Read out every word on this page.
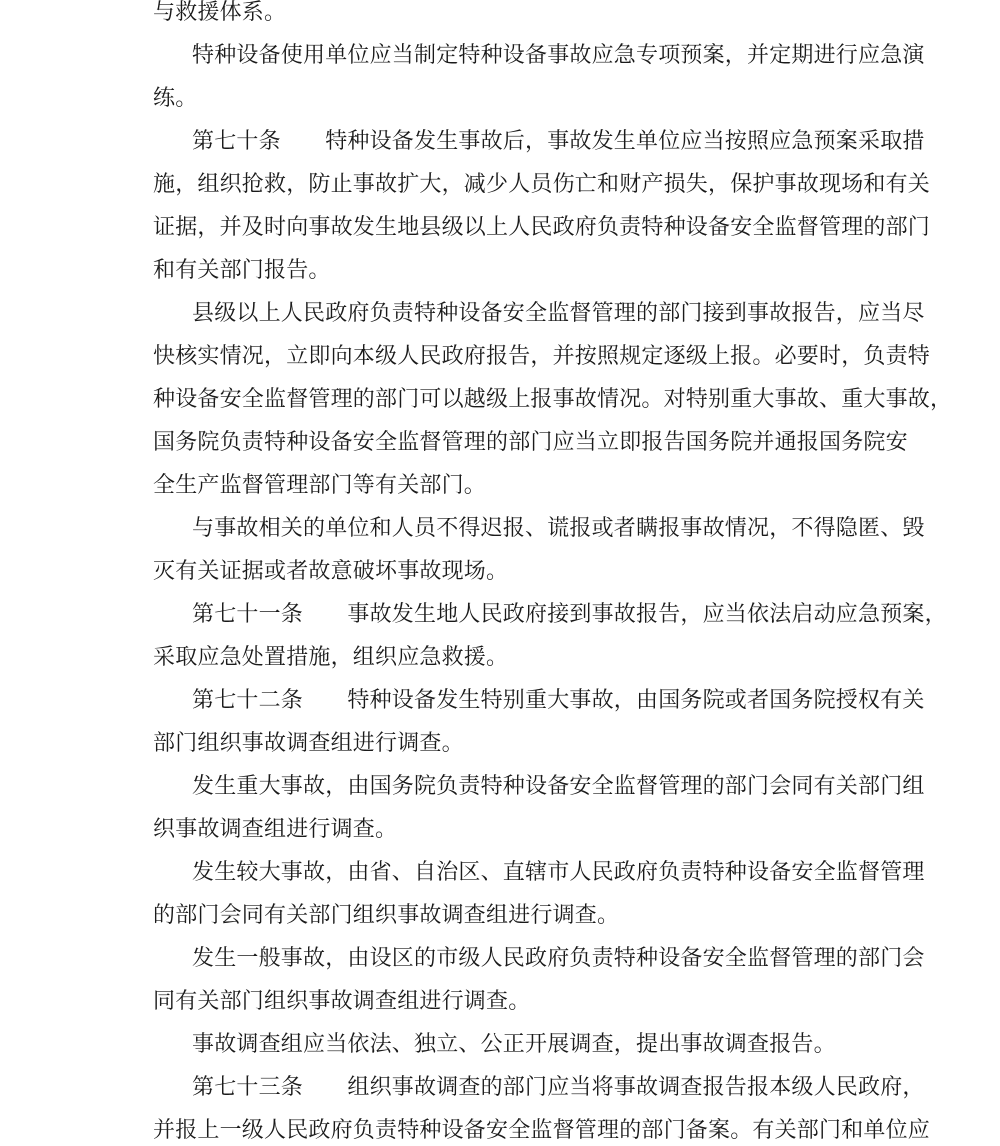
与救援体系。
特种设备使用单位应当制定特种设备事故应急专项预案，并定期进行应急演
练。
第七十条　　特种设备发生事故后，事故发生单位应当按照应急预案采取措
施，组织抢救，防止事故扩大，减少人员伤亡和财产损失，保护事故现场和有关
证据，并及时向事故发生地县级以上人民政府负责特种设备安全监督管理的部门
和有关部门报告。
县级以上人民政府负责特种设备安全监督管理的部门接到事故报告，应当尽
快核实情况，立即向本级人民政府报告，并按照规定逐级上报。必要时，负责特
种设备安全监督管理的部门可以越级上报事故情况。对特别重大事故、重大事故，
国务院负责特种设备安全监督管理的部门应当立即报告国务院并通报国务院安
全生产监督管理部门等有关部门。
与事故相关的单位和人员不得迟报、谎报或者瞒报事故情况，不得隐匿、毁
灭有关证据或者故意破坏事故现场。
第七十一条　　事故发生地人民政府接到事故报告，应当依法启动应急预案，
采取应急处置措施，组织应急救援。
第七十二条　　特种设备发生特别重大事故，由国务院或者国务院授权有关
部门组织事故调查组进行调查。
发生重大事故，由国务院负责特种设备安全监督管理的部门会同有关部门组
织事故调查组进行调查。
发生较大事故，由省、自治区、直辖市人民政府负责特种设备安全监督管理
的部门会同有关部门组织事故调查组进行调查。
发生一般事故，由设区的市级人民政府负责特种设备安全监督管理的部门会
同有关部门组织事故调查组进行调查。
事故调查组应当依法、独立、公正开展调查，提出事故调查报告。
第七十三条　　组织事故调查的部门应当将事故调查报告报本级人民政府，
并报上一级人民政府负责特种设备安全监督管理的部门备案。有关部门和单位应
